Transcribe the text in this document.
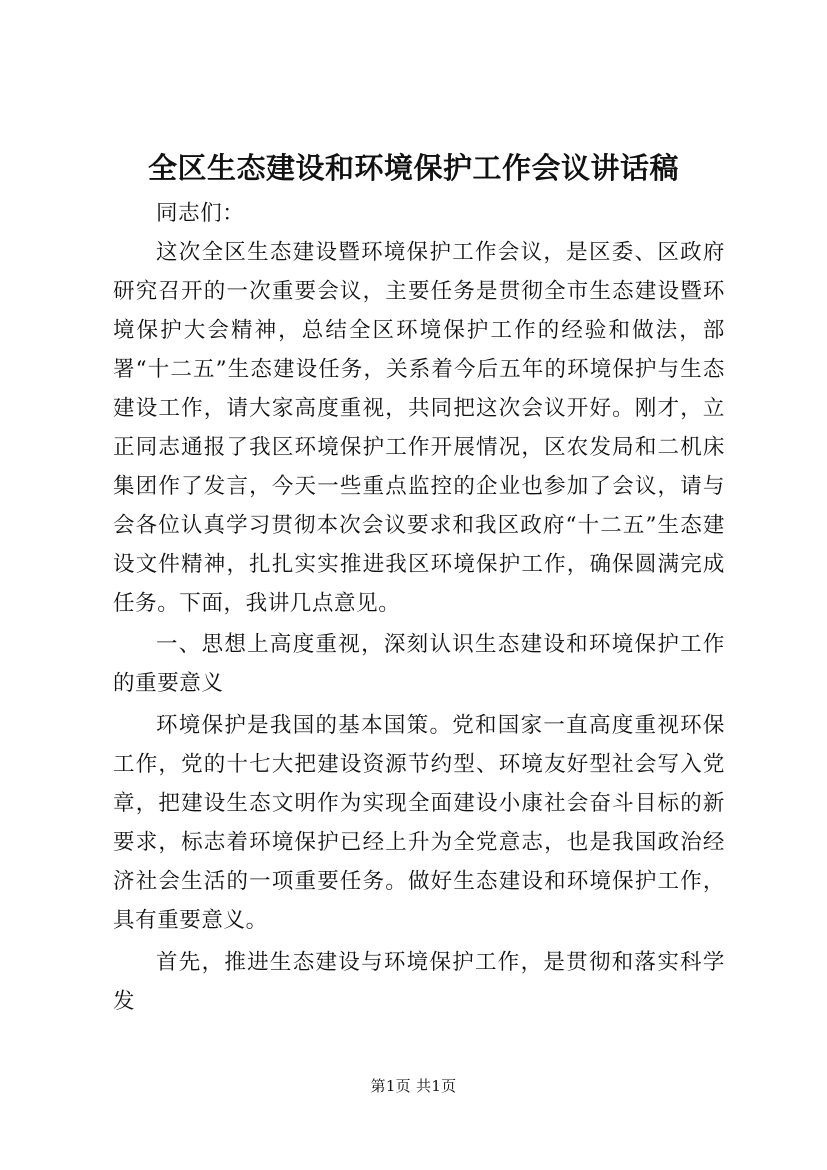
全区生态建设和环境保护工作会议讲话稿

同志们：

这次全区生态建设暨环境保护工作会议，是区委、区政府研究召开的一次重要会议，主要任务是贯彻全市生态建设暨环境保护大会精神，总结全区环境保护工作的经验和做法，部署“十二五”生态建设任务，关系着今后五年的环境保护与生态建设工作，请大家高度重视，共同把这次会议开好。刚才，立正同志通报了我区环境保护工作开展情况，区农发局和二机床集团作了发言，今天一些重点监控的企业也参加了会议，请与会各位认真学习贯彻本次会议要求和我区政府“十二五”生态建设文件精神，扎扎实实推进我区环境保护工作，确保圆满完成任务。下面，我讲几点意见。

一、思想上高度重视，深刻认识生态建设和环境保护工作的重要意义

环境保护是我国的基本国策。党和国家一直高度重视环保工作，党的十七大把建设资源节约型、环境友好型社会写入党章，把建设生态文明作为实现全面建设小康社会奋斗目标的新要求，标志着环境保护已经上升为全党意志，也是我国政治经济社会生活的一项重要任务。做好生态建设和环境保护工作，具有重要意义。

首先，推进生态建设与环境保护工作，是贯彻和落实科学发

第1页 共1页
